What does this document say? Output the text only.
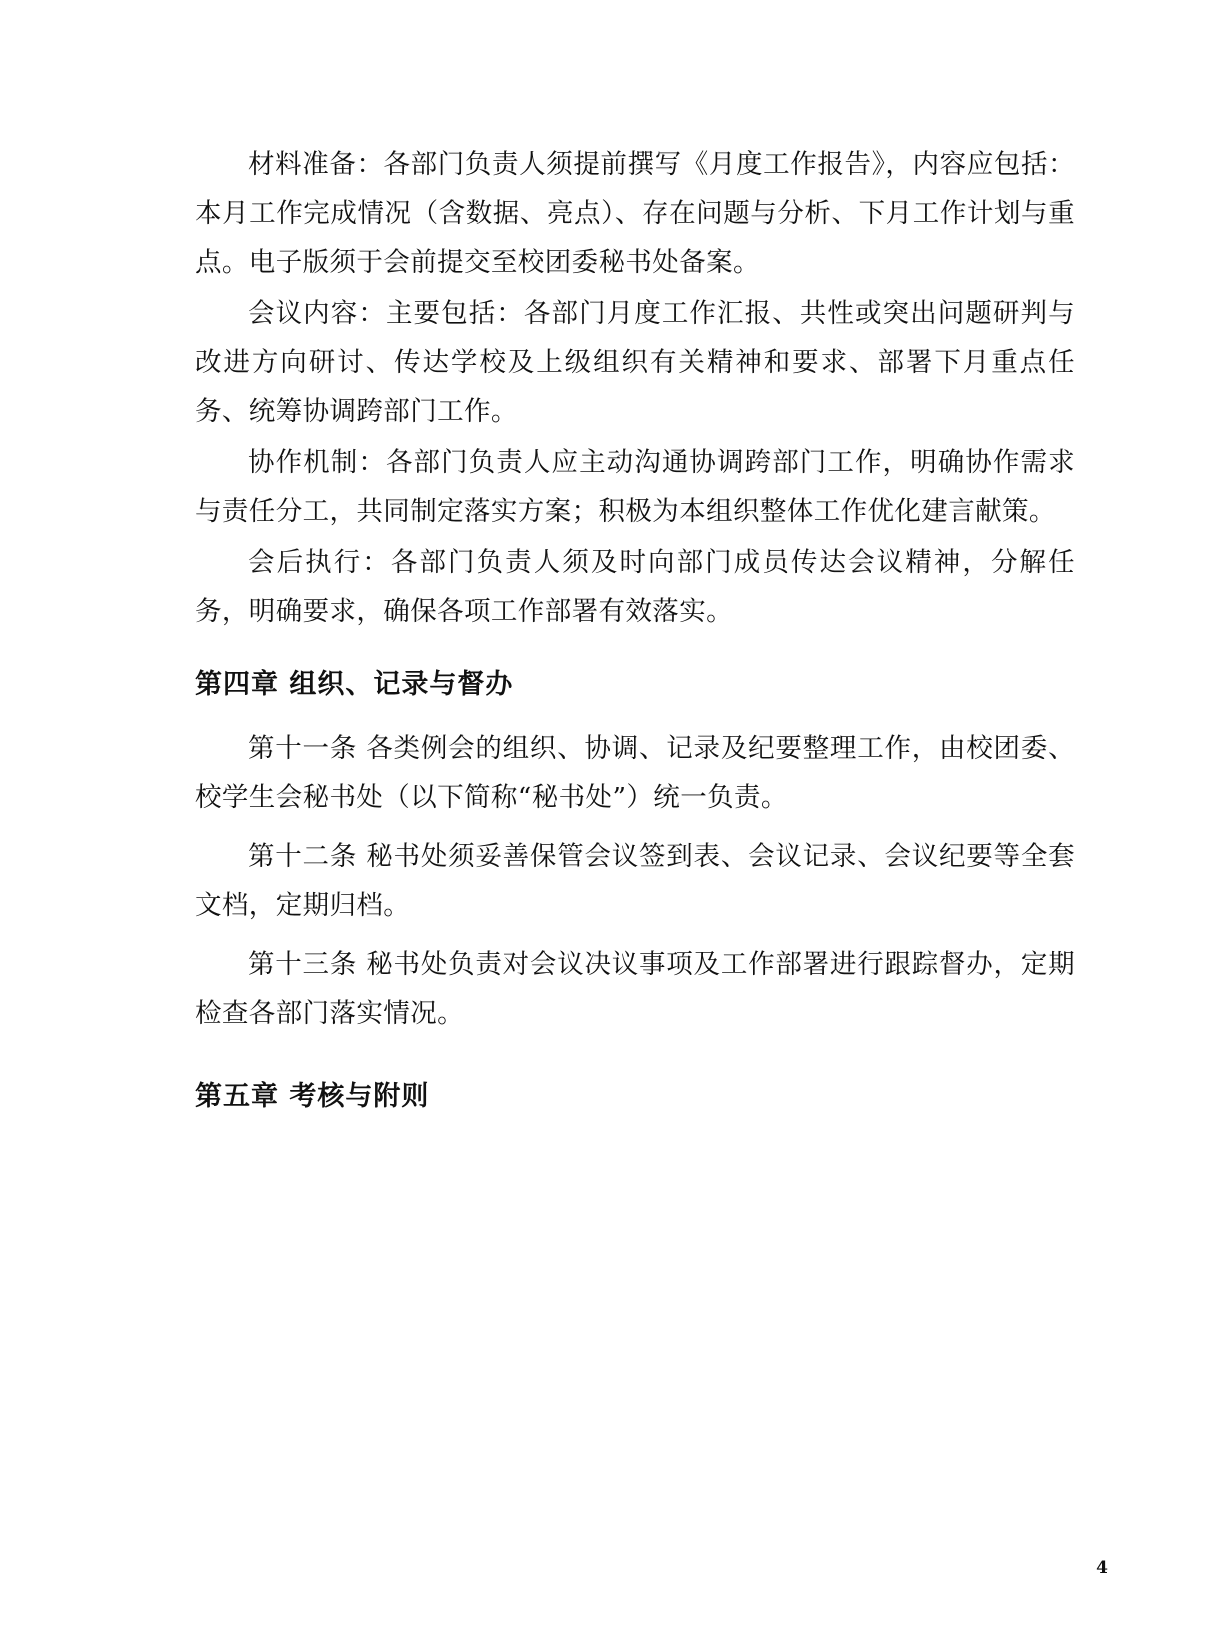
材料准备：各部门负责人须提前撰写《月度工作报告》，内容应包括：本月工作完成情况（含数据、亮点）、存在问题与分析、下月工作计划与重点。电子版须于会前提交至校团委秘书处备案。

会议内容：主要包括：各部门月度工作汇报、共性或突出问题研判与改进方向研讨、传达学校及上级组织有关精神和要求、部署下月重点任务、统筹协调跨部门工作。

协作机制：各部门负责人应主动沟通协调跨部门工作，明确协作需求与责任分工，共同制定落实方案；积极为本组织整体工作优化建言献策。

会后执行：各部门负责人须及时向部门成员传达会议精神，分解任务，明确要求，确保各项工作部署有效落实。

第四章 组织、记录与督办

第十一条 各类例会的组织、协调、记录及纪要整理工作，由校团委、校学生会秘书处（以下简称“秘书处”）统一负责。

第十二条 秘书处须妥善保管会议签到表、会议记录、会议纪要等全套文档，定期归档。

第十三条 秘书处负责对会议决议事项及工作部署进行跟踪督办，定期检查各部门落实情况。

第五章 考核与附则
4
